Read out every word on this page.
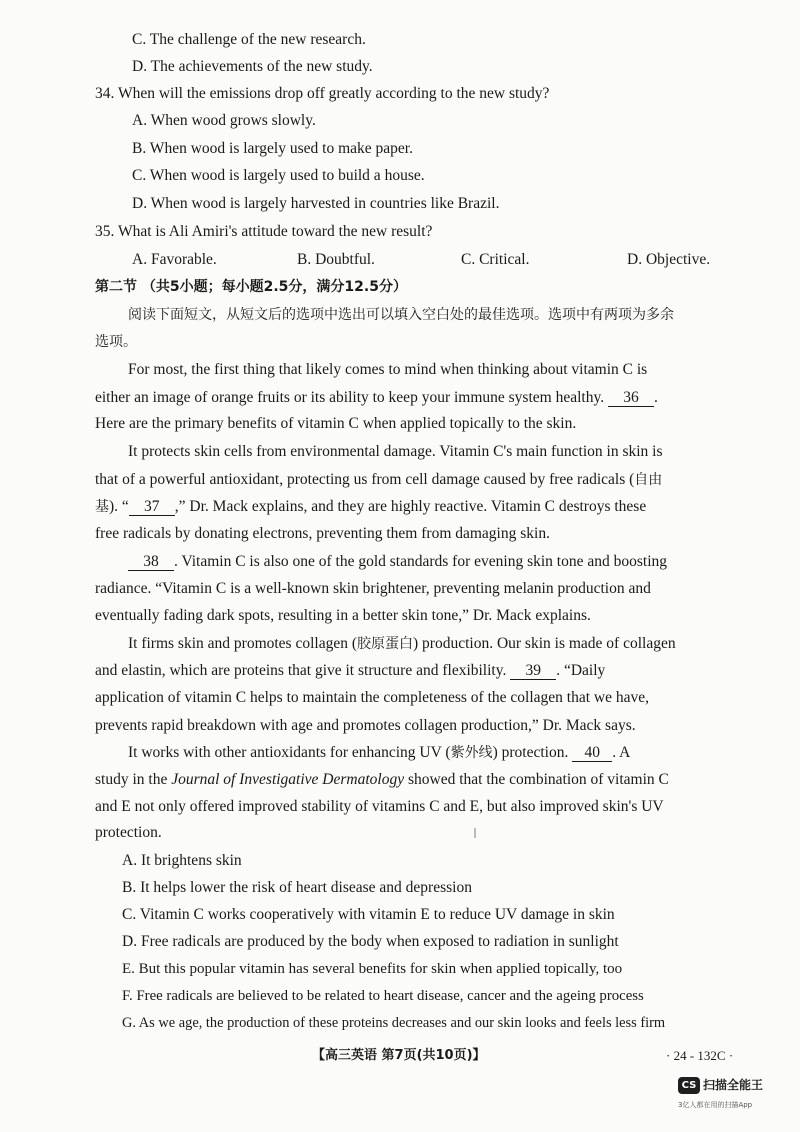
C. The challenge of the new research.
D. The achievements of the new study.
34. When will the emissions drop off greatly according to the new study?
A. When wood grows slowly.
B. When wood is largely used to make paper.
C. When wood is largely used to build a house.
D. When wood is largely harvested in countries like Brazil.
35. What is Ali Amiri's attitude toward the new result?
A. Favorable.	B. Doubtful.	C. Critical.	D. Objective.
第二节 （共5小题；每小题2.5分，满分12.5分）
阅读下面短文，从短文后的选项中选出可以填入空白处的最佳选项。选项中有两项为多余
选项。
For most, the first thing that likely comes to mind when thinking about vitamin C is
either an image of orange fruits or its ability to keep your immune system healthy. 36 .
Here are the primary benefits of vitamin C when applied topically to the skin.
It protects skin cells from environmental damage. Vitamin C's main function in skin is
that of a powerful antioxidant, protecting us from cell damage caused by free radicals (自由
基). “ 37 ,” Dr. Mack explains, and they are highly reactive. Vitamin C destroys these
free radicals by donating electrons, preventing them from damaging skin.
38 . Vitamin C is also one of the gold standards for evening skin tone and boosting
radiance. “Vitamin C is a well-known skin brightener, preventing melanin production and
eventually fading dark spots, resulting in a better skin tone,” Dr. Mack explains.
It firms skin and promotes collagen (胶原蛋白) production. Our skin is made of collagen
and elastin, which are proteins that give it structure and flexibility. 39 . “Daily
application of vitamin C helps to maintain the completeness of the collagen that we have,
prevents rapid breakdown with age and promotes collagen production,” Dr. Mack says.
It works with other antioxidants for enhancing UV (紫外线) protection. 40 . A
study in the Journal of Investigative Dermatology showed that the combination of vitamin C
and E not only offered improved stability of vitamins C and E, but also improved skin's UV
protection.
A. It brightens skin
B. It helps lower the risk of heart disease and depression
C. Vitamin C works cooperatively with vitamin E to reduce UV damage in skin
D. Free radicals are produced by the body when exposed to radiation in sunlight
E. But this popular vitamin has several benefits for skin when applied topically, too
F. Free radicals are believed to be related to heart disease, cancer and the ageing process
G. As we age, the production of these proteins decreases and our skin looks and feels less firm
【高三英语 第7页(共10页)】	· 24 - 132C ·
CS 扫描全能王
3亿人都在用的扫描App
